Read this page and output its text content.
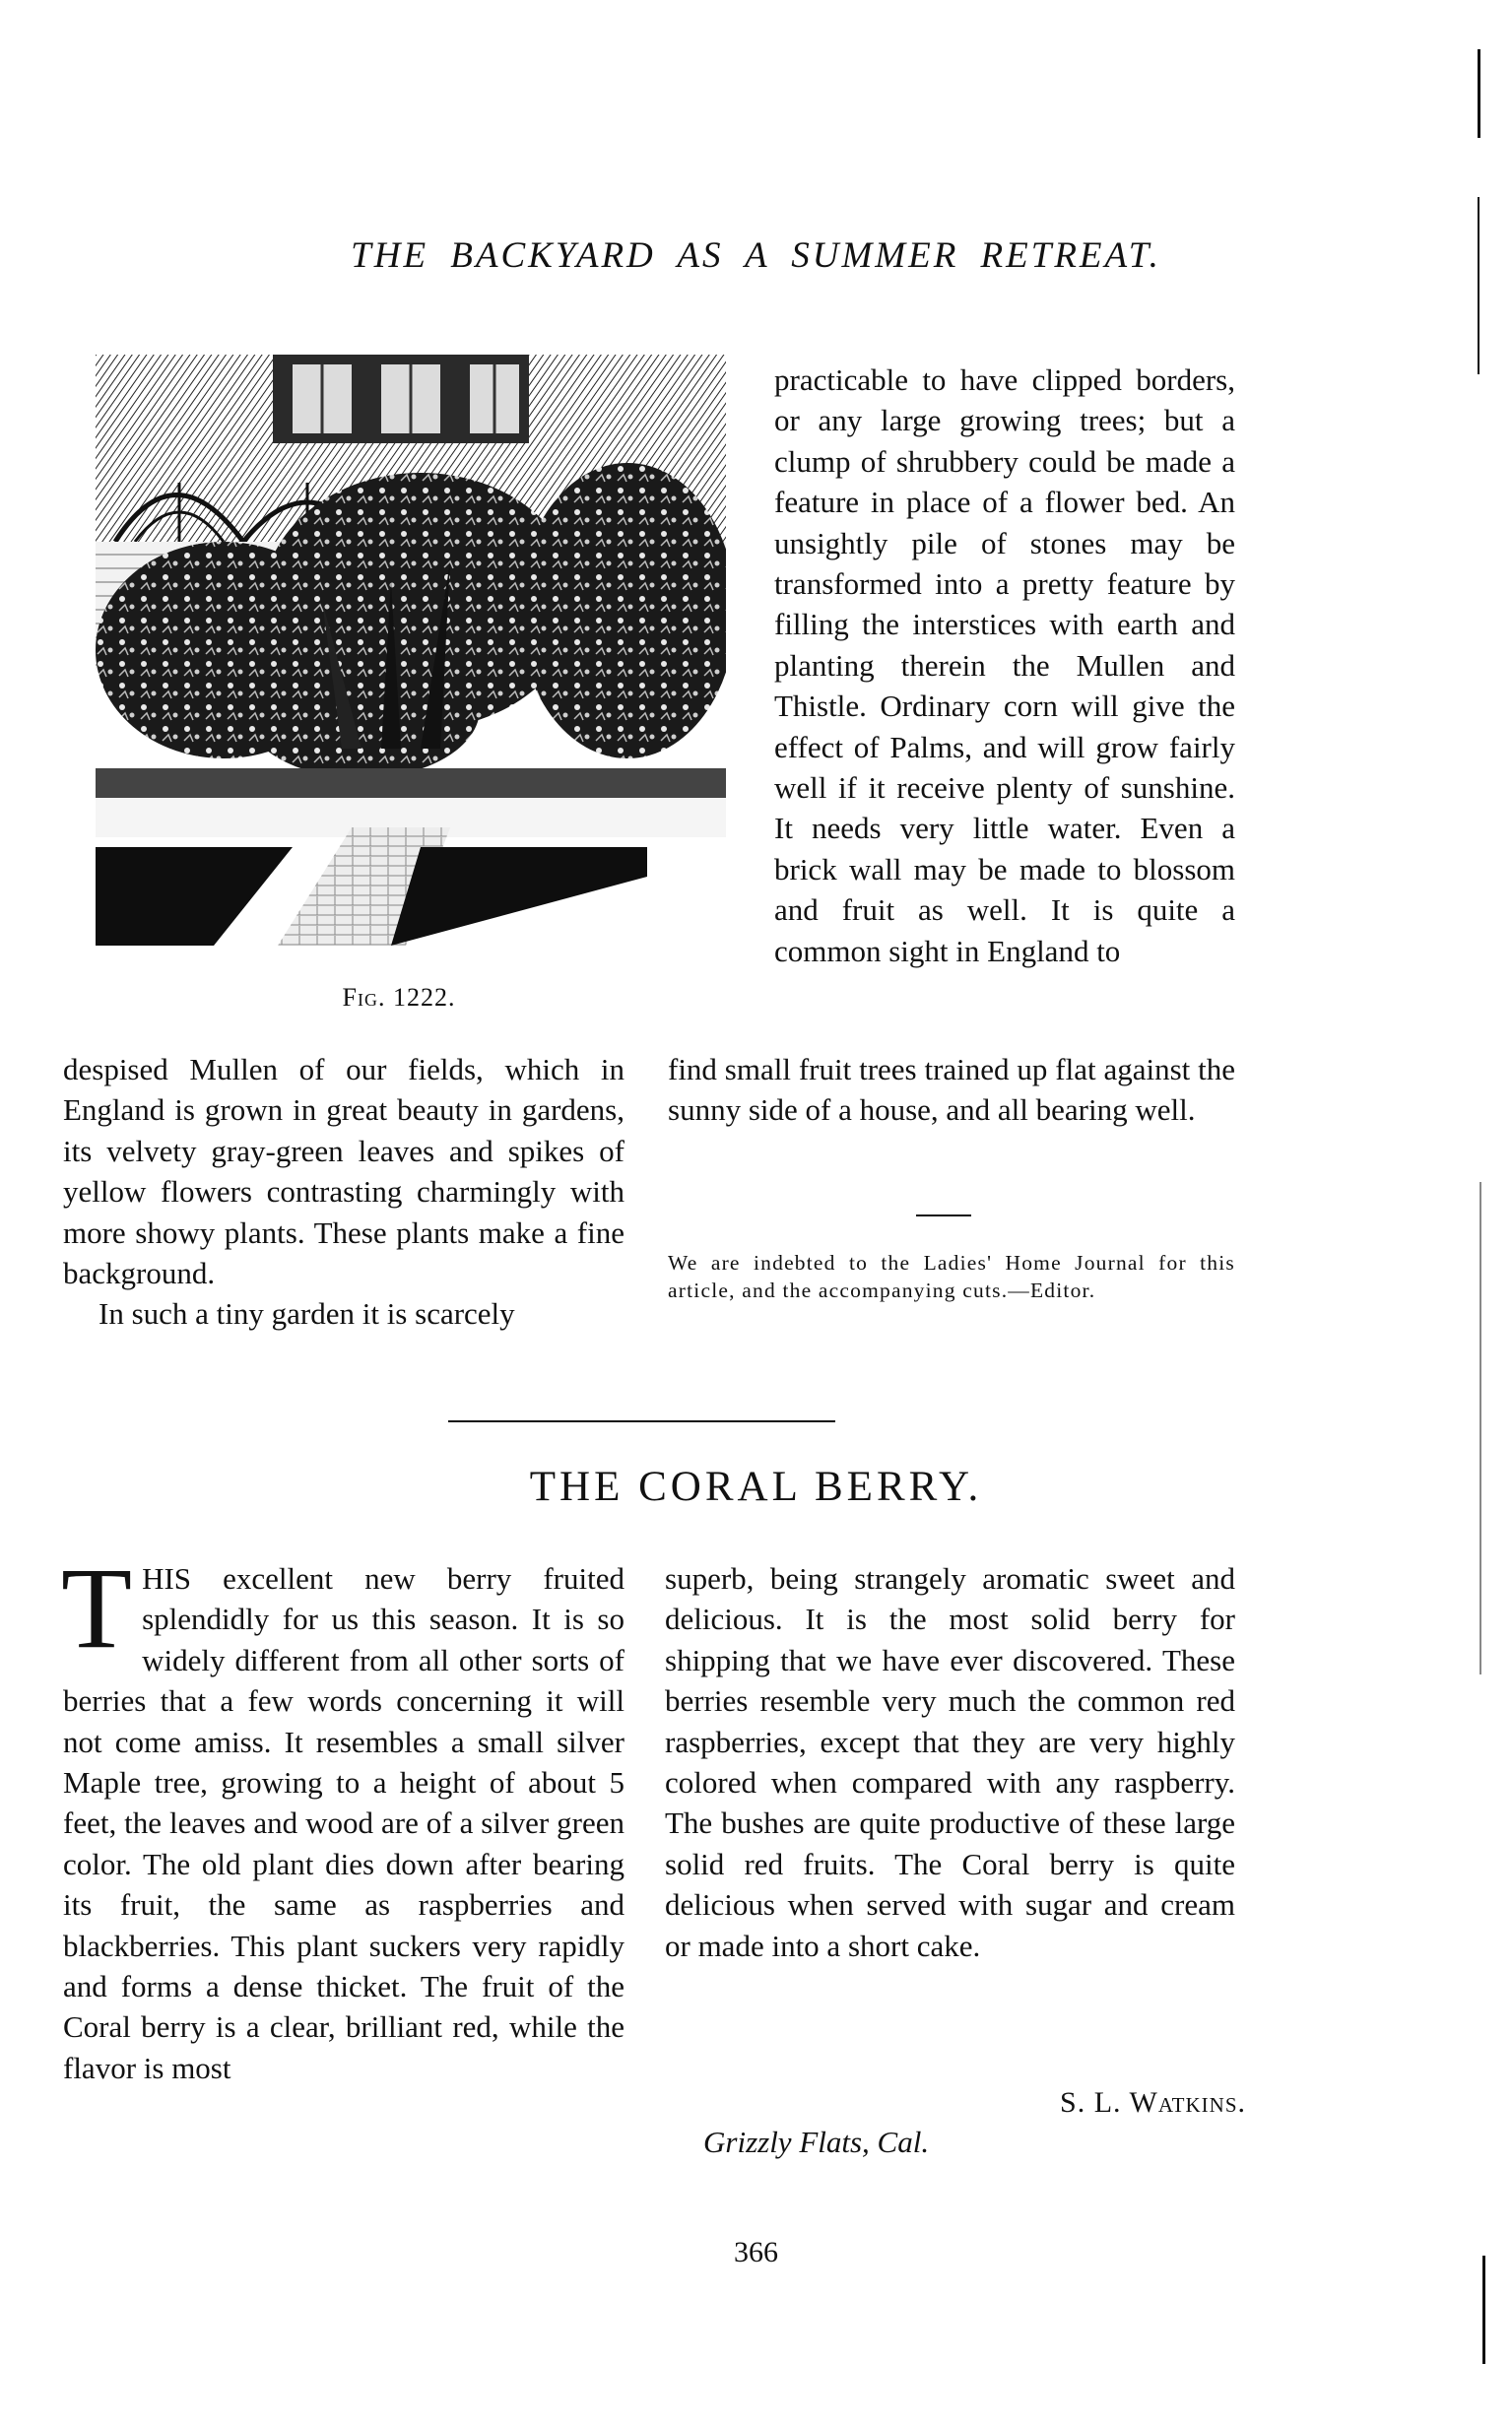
THE BACKYARD AS A SUMMER RETREAT.
Fig. 1222.

practicable to have clipped borders, or any large growing trees; but a clump of shrubbery could be made a feature in place of a flower bed. An unsightly pile of stones may be transformed into a pretty feature by filling the interstices with earth and planting therein the Mullen and Thistle. Ordinary corn will give the effect of Palms, and will grow fairly well if it receive plenty of sunshine. It needs very little water. Even a brick wall may be made to blossom and fruit as well. It is quite a common sight in England to

find small fruit trees trained up flat against the sunny side of a house, and all bearing well.

despised Mullen of our fields, which in England is grown in great beauty in gardens, its velvety gray-green leaves and spikes of yellow flowers contrasting charmingly with more showy plants. These plants make a fine background.

In such a tiny garden it is scarcely

We are indebted to the Ladies' Home Journal for this article, and the accompanying cuts.—Editor.
THE CORAL BERRY.

THIS excellent new berry fruited splendidly for us this season. It is so widely different from all other sorts of berries that a few words concerning it will not come amiss. It resembles a small silver Maple tree, growing to a height of about 5 feet, the leaves and wood are of a silver green color. The old plant dies down after bearing its fruit, the same as raspberries and blackberries. This plant suckers very rapidly and forms a dense thicket. The fruit of the Coral berry is a clear, brilliant red, while the flavor is most

superb, being strangely aromatic sweet and delicious. It is the most solid berry for shipping that we have ever discovered. These berries resemble very much the common red raspberries, except that they are very highly colored when compared with any raspberry. The bushes are quite productive of these large solid red fruits. The Coral berry is quite delicious when served with sugar and cream or made into a short cake.

S. L. Watkins.
Grizzly Flats, Cal.
366
